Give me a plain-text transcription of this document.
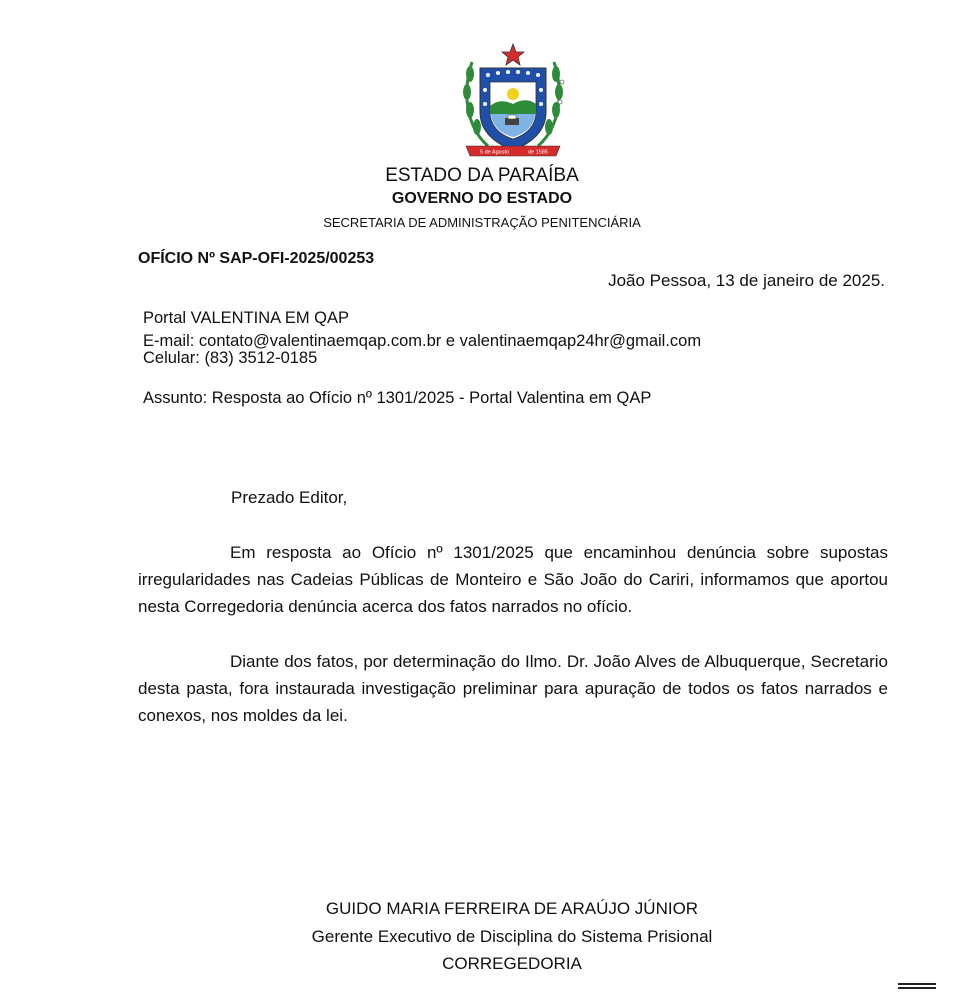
5 de Agosto	de 1585
ESTADO DA PARAÍBA
GOVERNO DO ESTADO
SECRETARIA DE ADMINISTRAÇÃO PENITENCIÁRIA
OFÍCIO Nº SAP-OFI-2025/00253
João Pessoa, 13 de janeiro de 2025.
Portal VALENTINA EM QAP
E-mail: contato@valentinaemqap.com.br e valentinaemqap24hr@gmail.com
Celular: (83) 3512-0185
Assunto: Resposta ao Ofício nº 1301/2025 - Portal Valentina em QAP
Prezado Editor,
Em resposta ao Ofício nº 1301/2025 que encaminhou denúncia sobre supostas irregularidades nas Cadeias Públicas de Monteiro e São João do Cariri, informamos que aportou nesta Corregedoria denúncia acerca dos fatos narrados no ofício.
Diante dos fatos, por determinação do Ilmo. Dr. João Alves de Albuquerque, Secretario desta pasta, fora instaurada investigação preliminar para apuração de todos os fatos narrados e conexos, nos moldes da lei.
GUIDO MARIA FERREIRA DE ARAÚJO JÚNIOR
Gerente Executivo de Disciplina do Sistema Prisional
CORREGEDORIA
